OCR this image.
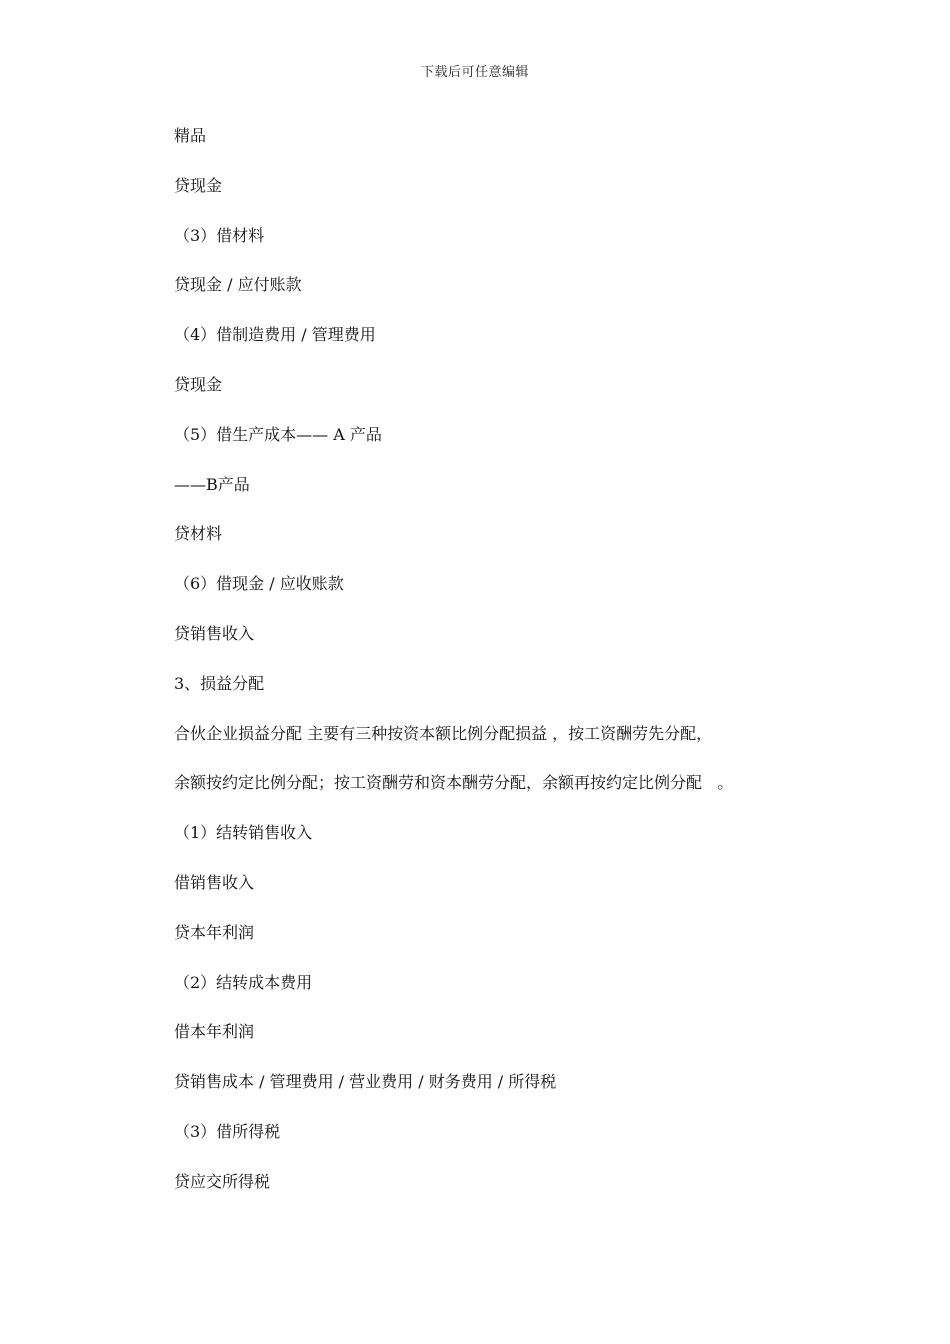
下载后可任意编辑
精品
贷现金
（3）借材料
贷现金 / 应付账款
（4）借制造费用 / 管理费用
贷现金
（5）借生产成本—— A 产品
——B产品
贷材料
（6）借现金 / 应收账款
贷销售收入
3、损益分配
合伙企业损益分配 主要有三种按资本额比例分配损益 ，按工资酬劳先分配，
余额按约定比例分配；按工资酬劳和资本酬劳分配，余额再按约定比例分配   。
（1）结转销售收入
借销售收入
贷本年利润
（2）结转成本费用
借本年利润
贷销售成本 / 管理费用 / 营业费用 / 财务费用 / 所得税
（3）借所得税
贷应交所得税
